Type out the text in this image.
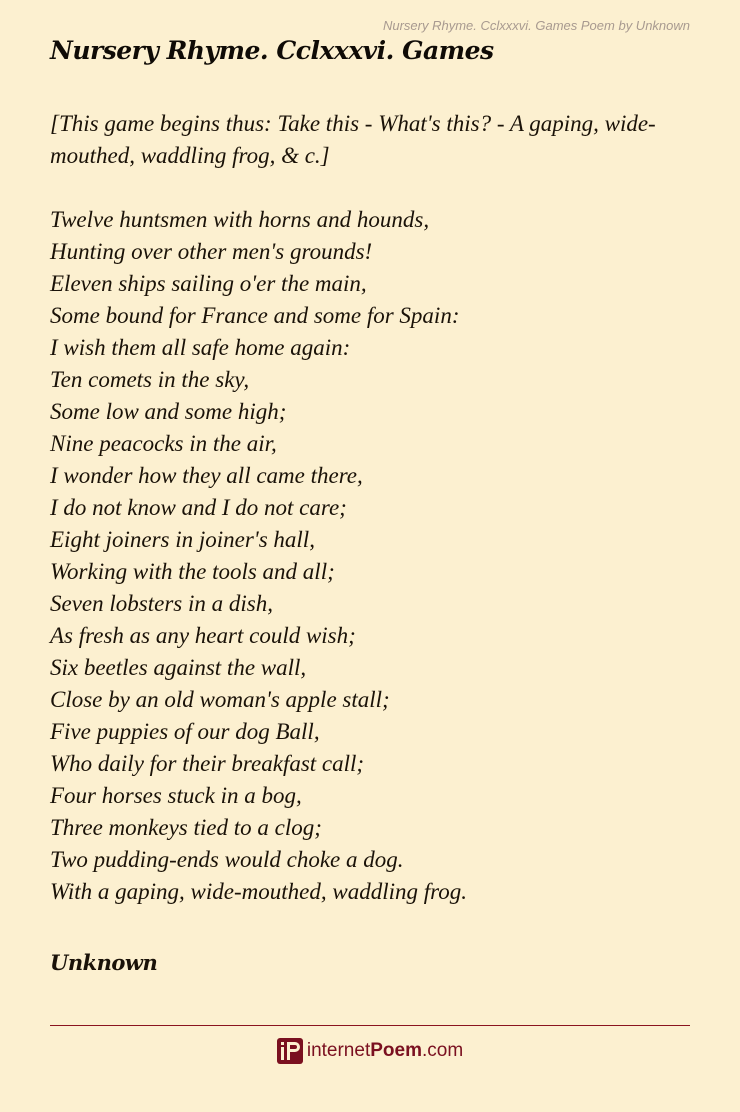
Nursery Rhyme. Cclxxxvi. Games Poem by Unknown
Nursery Rhyme. Cclxxxvi. Games

[This game begins thus: Take this - What's this? - A gaping, wide-mouthed, waddling frog, & c.]

Twelve huntsmen with horns and hounds,
Hunting over other men's grounds!
Eleven ships sailing o'er the main,
Some bound for France and some for Spain:
I wish them all safe home again:
Ten comets in the sky,
Some low and some high;
Nine peacocks in the air,
I wonder how they all came there,
I do not know and I do not care;
Eight joiners in joiner's hall,
Working with the tools and all;
Seven lobsters in a dish,
As fresh as any heart could wish;
Six beetles against the wall,
Close by an old woman's apple stall;
Five puppies of our dog Ball,
Who daily for their breakfast call;
Four horses stuck in a bog,
Three monkeys tied to a clog;
Two pudding-ends would choke a dog.
With a gaping, wide-mouthed, waddling frog.

Unknown

internetPoem.com
